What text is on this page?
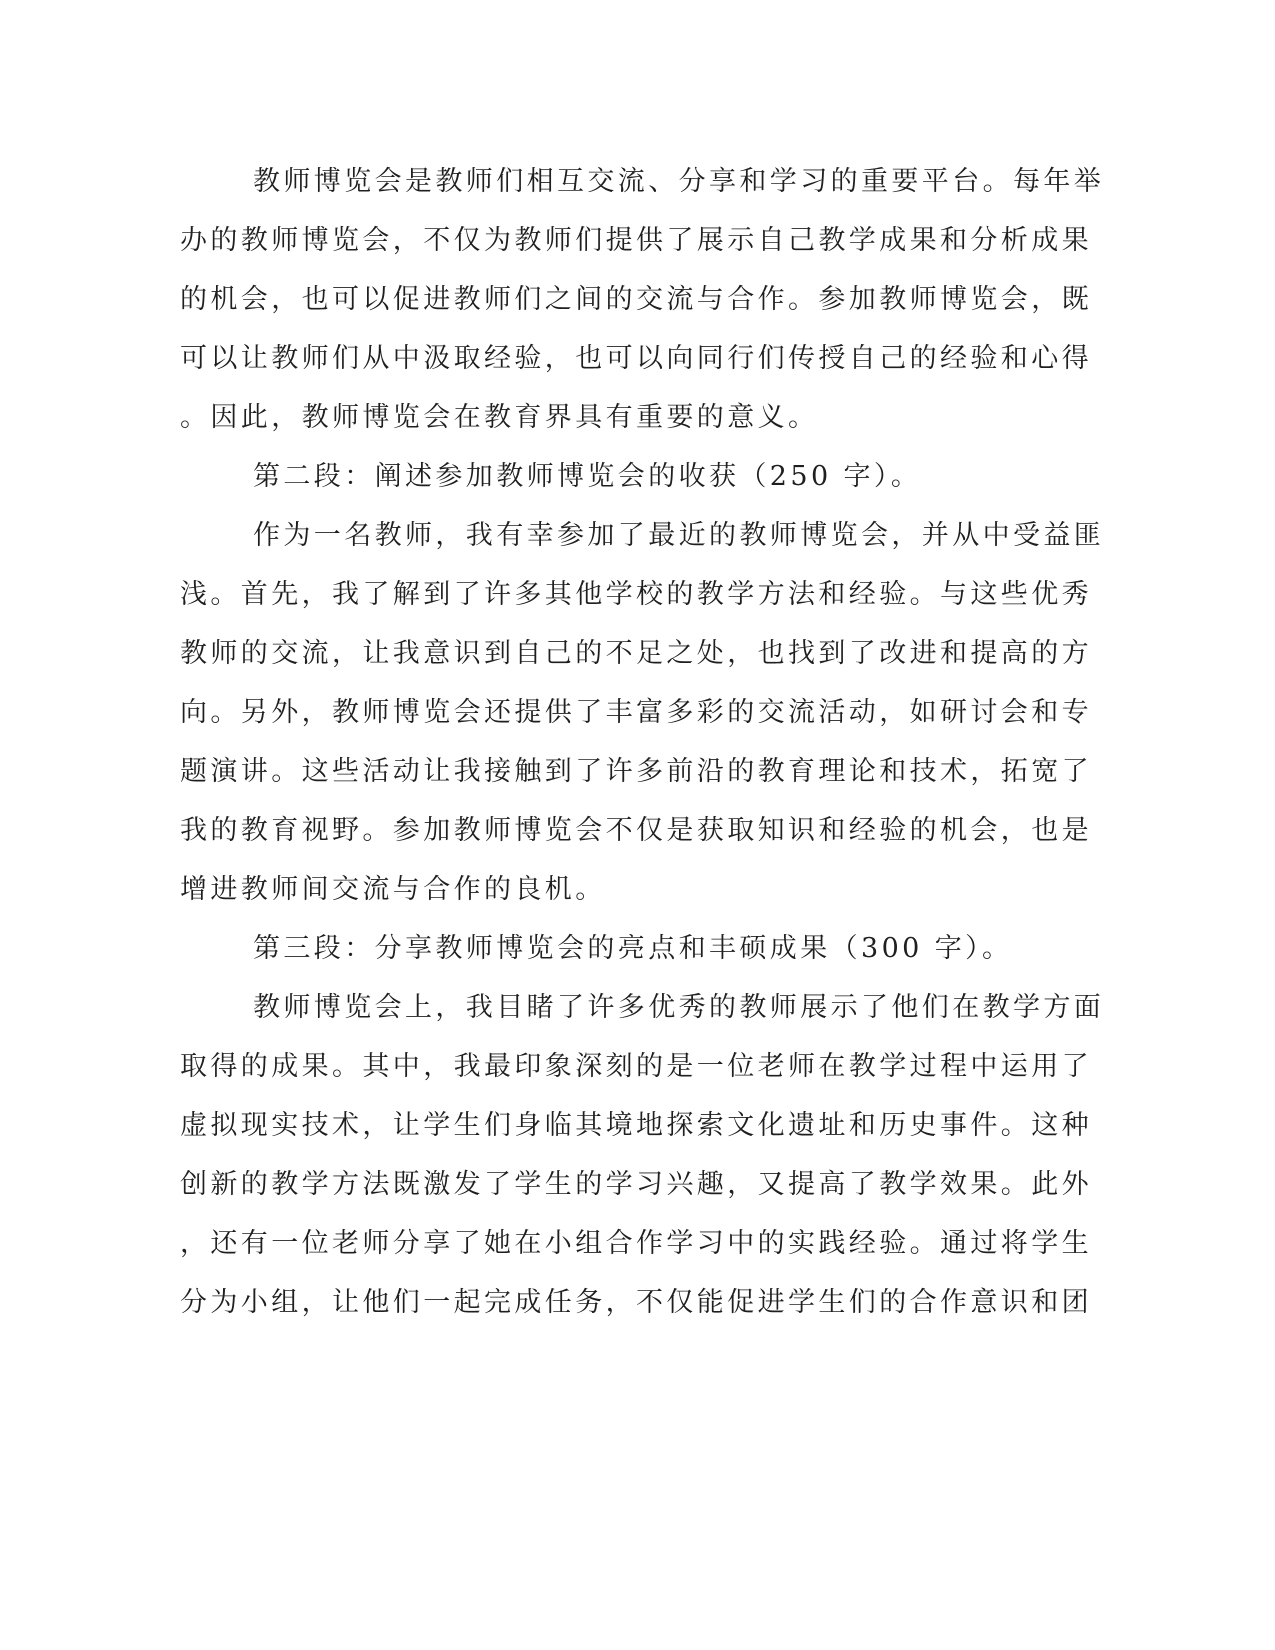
教师博览会是教师们相互交流、分享和学习的重要平台。每年举
办的教师博览会，不仅为教师们提供了展示自己教学成果和分析成果
的机会，也可以促进教师们之间的交流与合作。参加教师博览会，既
可以让教师们从中汲取经验，也可以向同行们传授自己的经验和心得
。因此，教师博览会在教育界具有重要的意义。
第二段：阐述参加教师博览会的收获（250 字）。
作为一名教师，我有幸参加了最近的教师博览会，并从中受益匪
浅。首先，我了解到了许多其他学校的教学方法和经验。与这些优秀
教师的交流，让我意识到自己的不足之处，也找到了改进和提高的方
向。另外，教师博览会还提供了丰富多彩的交流活动，如研讨会和专
题演讲。这些活动让我接触到了许多前沿的教育理论和技术，拓宽了
我的教育视野。参加教师博览会不仅是获取知识和经验的机会，也是
增进教师间交流与合作的良机。
第三段：分享教师博览会的亮点和丰硕成果（300 字）。
教师博览会上，我目睹了许多优秀的教师展示了他们在教学方面
取得的成果。其中，我最印象深刻的是一位老师在教学过程中运用了
虚拟现实技术，让学生们身临其境地探索文化遗址和历史事件。这种
创新的教学方法既激发了学生的学习兴趣，又提高了教学效果。此外
，还有一位老师分享了她在小组合作学习中的实践经验。通过将学生
分为小组，让他们一起完成任务，不仅能促进学生们的合作意识和团
